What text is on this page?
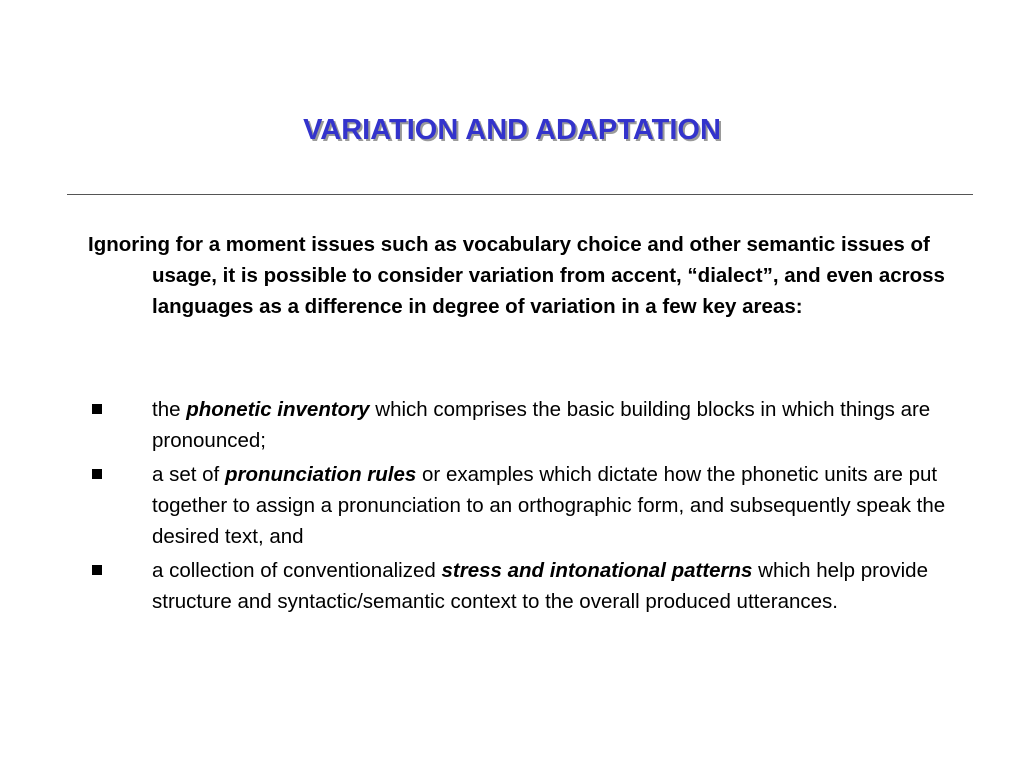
VARIATION AND ADAPTATION
Ignoring for a moment issues such as vocabulary choice and other semantic issues of usage, it is possible to consider variation from accent, “dialect”, and even across languages as a difference in degree of variation in a few key areas:
the phonetic inventory which comprises the basic building blocks in which things are pronounced;
a set of pronunciation rules or examples which dictate how the phonetic units are put together to assign a pronunciation to an orthographic form, and subsequently speak the desired text, and
a collection of conventionalized stress and intonational patterns which help provide structure and syntactic/semantic context to the overall produced utterances.
